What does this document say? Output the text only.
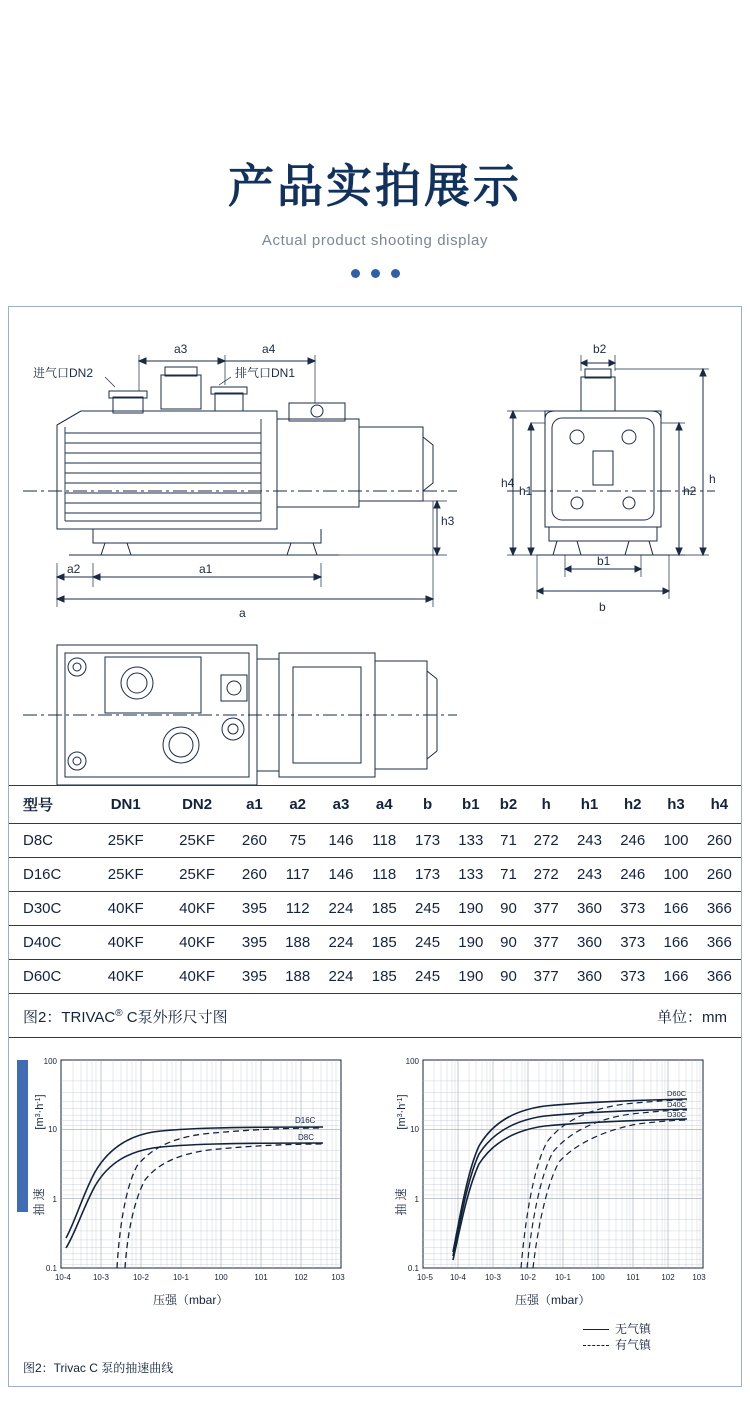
产品实拍展示
Actual product shooting display
进气口DN2	排气口DN1
a3	a4
a1
a2
a
h3
b2
b1
b
h4
h1	h2
h
型号	DN1	DN2	a1	a2	a3	a4	b	b1	b2	h	h1	h2	h3	h4
D8C	25KF	25KF	260	75	146	118	173	133	71	272	243	246	100	260
D16C	25KF	25KF	260	117	146	118	173	133	71	272	243	246	100	260
D30C	40KF	40KF	395	112	224	185	245	190	90	377	360	373	166	366
D40C	40KF	40KF	395	188	224	185	245	190	90	377	360	373	166	366
D60C	40KF	40KF	395	188	224	185	245	190	90	377	360	373	166	366
图2：TRIVAC® C泵外形尺寸图	单位：mm
10-4	10-3	10-2	10-1	100	101	102	103
0.1
1
10
100
D16C
D8C
压强（mbar）
抽 速
$[m^3\cdot h^{-1}]$
10-5 10-4 10-3 10-2 10-1	100	101	102 103
0.1
1
10
100
D60C
D40C
D30C
压强（mbar）
抽 速
$[m^3\cdot h^{-1}]$
无气镇
有气镇
图2：Trivac C 泵的抽速曲线
